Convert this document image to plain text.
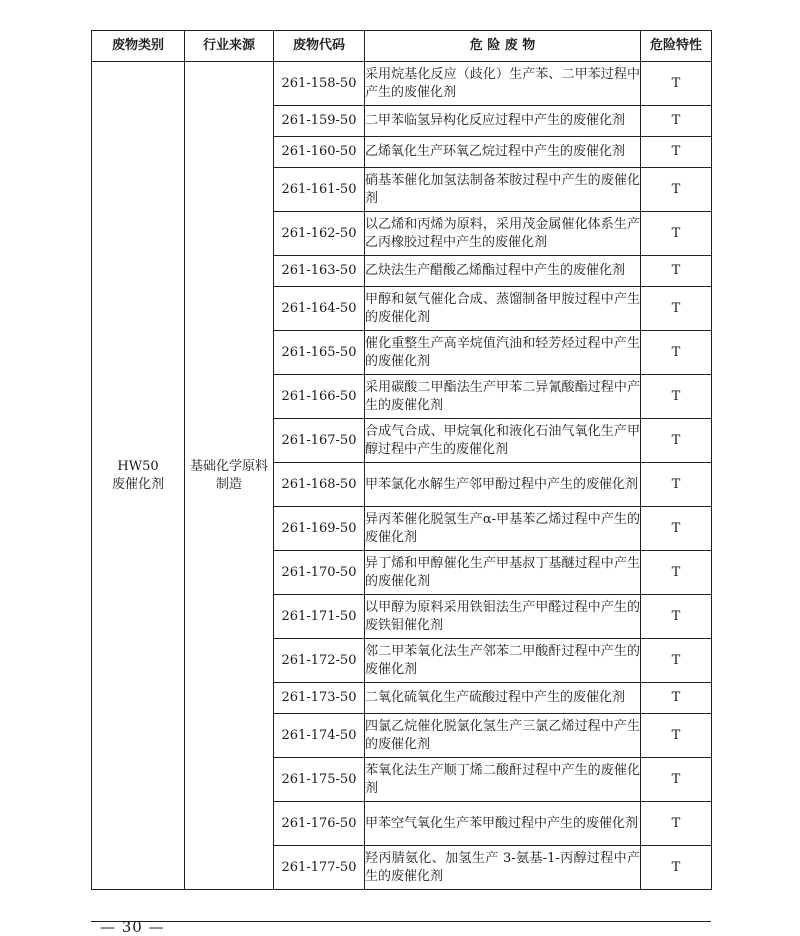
废物类别	行业来源	废物代码	危 险 废 物	危险特性

HW50
废催化剂	基础化学原料制造	261-158-50	采用烷基化反应（歧化）生产苯、二甲苯过程中产生的废催化剂	T
		261-159-50	二甲苯临氢异构化反应过程中产生的废催化剂	T
		261-160-50	乙烯氧化生产环氧乙烷过程中产生的废催化剂	T
		261-161-50	硝基苯催化加氢法制备苯胺过程中产生的废催化剂	T
		261-162-50	以乙烯和丙烯为原料，采用茂金属催化体系生产乙丙橡胶过程中产生的废催化剂	T
		261-163-50	乙炔法生产醋酸乙烯酯过程中产生的废催化剂	T
		261-164-50	甲醇和氨气催化合成、蒸馏制备甲胺过程中产生的废催化剂	T
		261-165-50	催化重整生产高辛烷值汽油和轻芳烃过程中产生的废催化剂	T
		261-166-50	采用碳酸二甲酯法生产甲苯二异氰酸酯过程中产生的废催化剂	T
		261-167-50	合成气合成、甲烷氧化和液化石油气氧化生产甲醇过程中产生的废催化剂	T
		261-168-50	甲苯氯化水解生产邻甲酚过程中产生的废催化剂	T
		261-169-50	异丙苯催化脱氢生产α-甲基苯乙烯过程中产生的废催化剂	T
		261-170-50	异丁烯和甲醇催化生产甲基叔丁基醚过程中产生的废催化剂	T
		261-171-50	以甲醇为原料采用铁钼法生产甲醛过程中产生的废铁钼催化剂	T
		261-172-50	邻二甲苯氧化法生产邻苯二甲酸酐过程中产生的废催化剂	T
		261-173-50	二氧化硫氧化生产硫酸过程中产生的废催化剂	T
		261-174-50	四氯乙烷催化脱氯化氢生产三氯乙烯过程中产生的废催化剂	T
		261-175-50	苯氧化法生产顺丁烯二酸酐过程中产生的废催化剂	T
		261-176-50	甲苯空气氧化生产苯甲酸过程中产生的废催化剂	T
		261-177-50	羟丙腈氨化、加氢生产 3-氨基-1-丙醇过程中产生的废催化剂	T
— 30 —
